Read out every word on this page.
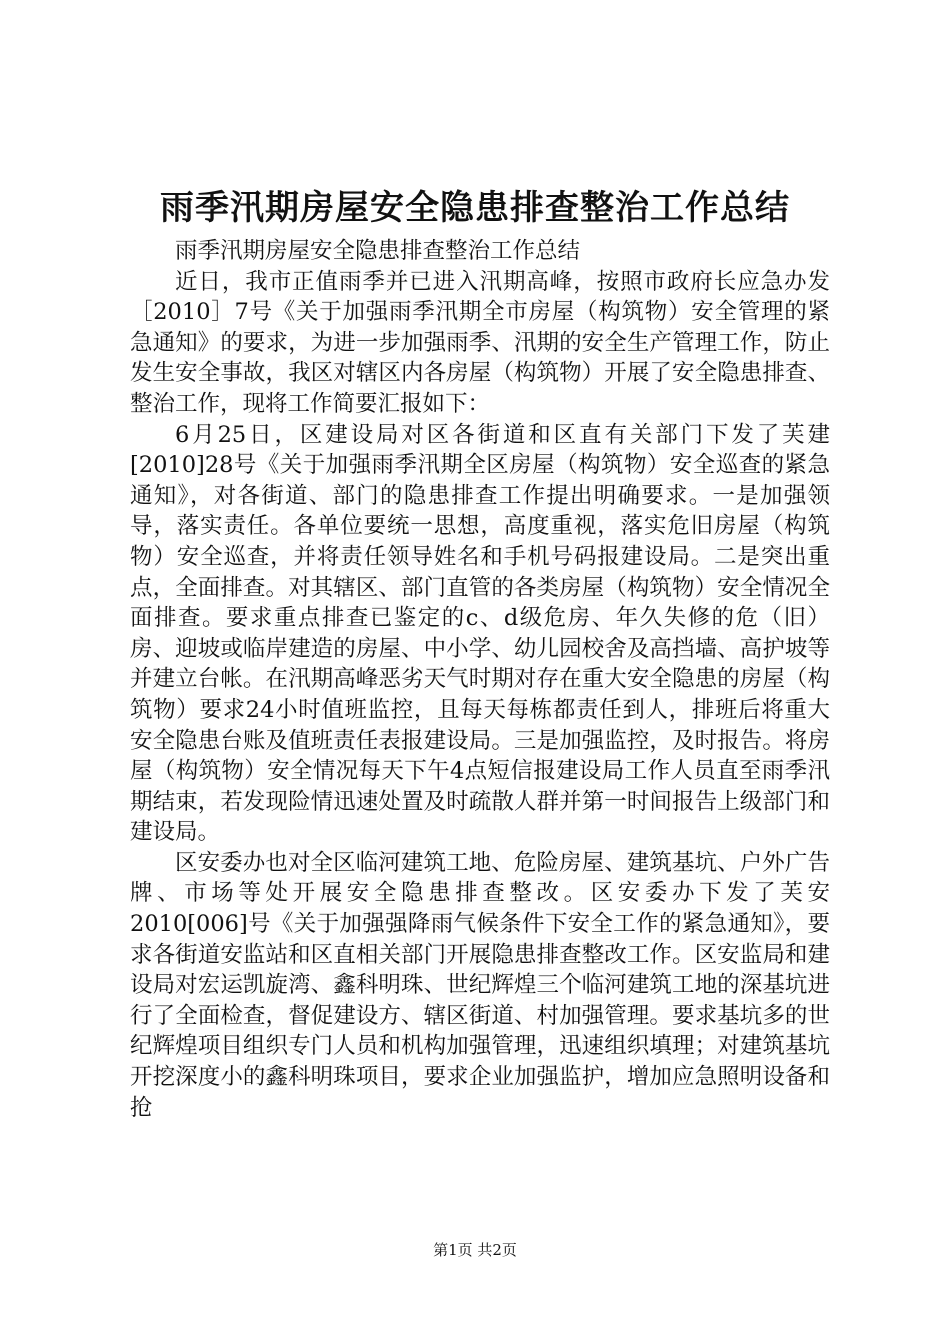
雨季汛期房屋安全隐患排查整治工作总结

雨季汛期房屋安全隐患排查整治工作总结

近日，我市正值雨季并已进入汛期高峰，按照市政府长应急办发［2010］7号《关于加强雨季汛期全市房屋（构筑物）安全管理的紧急通知》的要求，为进一步加强雨季、汛期的安全生产管理工作，防止发生安全事故，我区对辖区内各房屋（构筑物）开展了安全隐患排查、整治工作，现将工作简要汇报如下：

6月25日，区建设局对区各街道和区直有关部门下发了芙建[2010]28号《关于加强雨季汛期全区房屋（构筑物）安全巡查的紧急通知》，对各街道、部门的隐患排查工作提出明确要求。一是加强领导，落实责任。各单位要统一思想，高度重视，落实危旧房屋（构筑物）安全巡查，并将责任领导姓名和手机号码报建设局。二是突出重点，全面排查。对其辖区、部门直管的各类房屋（构筑物）安全情况全面排查。要求重点排查已鉴定的c、d级危房、年久失修的危（旧）房、迎坡或临岸建造的房屋、中小学、幼儿园校舍及高挡墙、高护坡等并建立台帐。在汛期高峰恶劣天气时期对存在重大安全隐患的房屋（构筑物）要求24小时值班监控，且每天每栋都责任到人，排班后将重大安全隐患台账及值班责任表报建设局。三是加强监控，及时报告。将房屋（构筑物）安全情况每天下午4点短信报建设局工作人员直至雨季汛期结束，若发现险情迅速处置及时疏散人群并第一时间报告上级部门和建设局。

区安委办也对全区临河建筑工地、危险房屋、建筑基坑、户外广告牌、市场等处开展安全隐患排查整改。区安委办下发了芙安2010[006]号《关于加强强降雨气候条件下安全工作的紧急通知》，要求各街道安监站和区直相关部门开展隐患排查整改工作。区安监局和建设局对宏运凯旋湾、鑫科明珠、世纪辉煌三个临河建筑工地的深基坑进行了全面检查，督促建设方、辖区街道、村加强管理。要求基坑多的世纪辉煌项目组织专门人员和机构加强管理，迅速组织填理；对建筑基坑开挖深度小的鑫科明珠项目，要求企业加强监护，增加应急照明设备和抢

第1页 共2页
